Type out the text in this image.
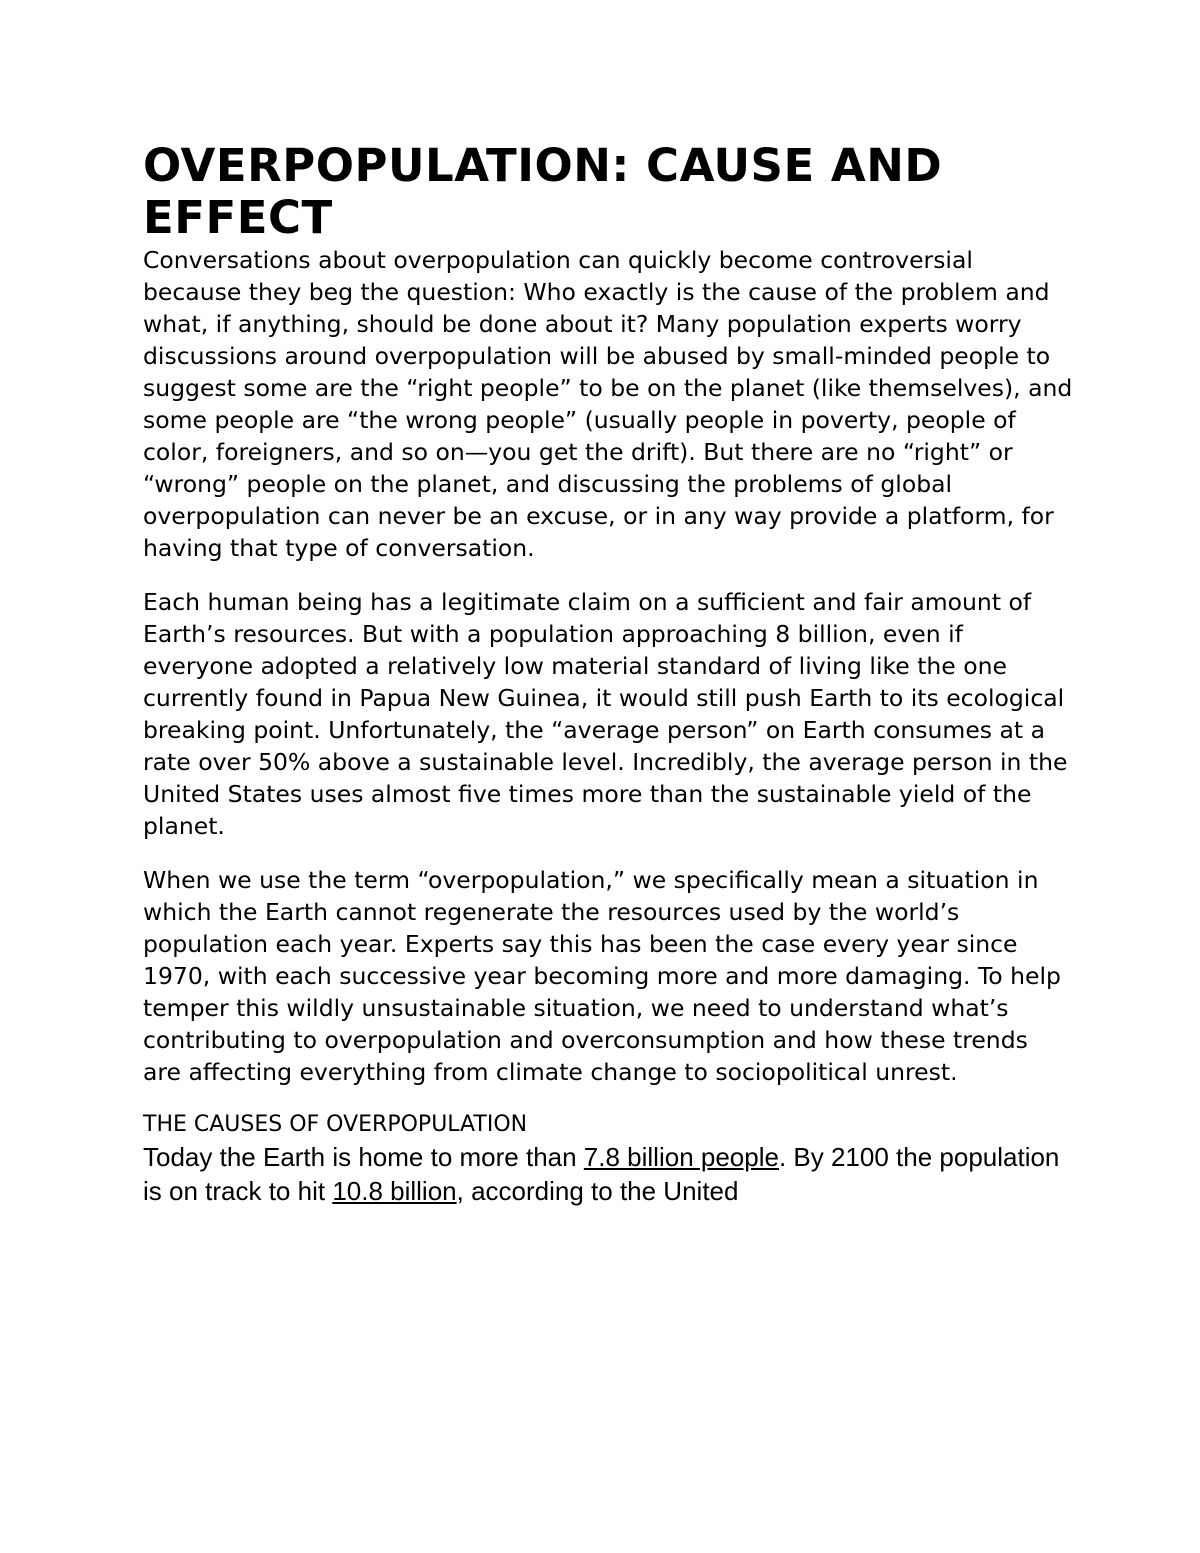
OVERPOPULATION: CAUSE AND EFFECT

Conversations about overpopulation can quickly become controversial because they beg the question: Who exactly is the cause of the problem and what, if anything, should be done about it? Many population experts worry discussions around overpopulation will be abused by small-minded people to suggest some are the “right people” to be on the planet (like themselves), and some people are “the wrong people” (usually people in poverty, people of color, foreigners, and so on—you get the drift). But there are no “right” or “wrong” people on the planet, and discussing the problems of global overpopulation can never be an excuse, or in any way provide a platform, for having that type of conversation.

Each human being has a legitimate claim on a sufficient and fair amount of Earth’s resources. But with a population approaching 8 billion, even if everyone adopted a relatively low material standard of living like the one currently found in Papua New Guinea, it would still push Earth to its ecological breaking point. Unfortunately, the “average person” on Earth consumes at a rate over 50% above a sustainable level. Incredibly, the average person in the United States uses almost five times more than the sustainable yield of the planet.

When we use the term “overpopulation,” we specifically mean a situation in which the Earth cannot regenerate the resources used by the world’s population each year. Experts say this has been the case every year since 1970, with each successive year becoming more and more damaging. To help temper this wildly unsustainable situation, we need to understand what’s contributing to overpopulation and overconsumption and how these trends are affecting everything from climate change to sociopolitical unrest.

THE CAUSES OF OVERPOPULATION

Today the Earth is home to more than 7.8 billion people. By 2100 the population is on track to hit 10.8 billion, according to the United
